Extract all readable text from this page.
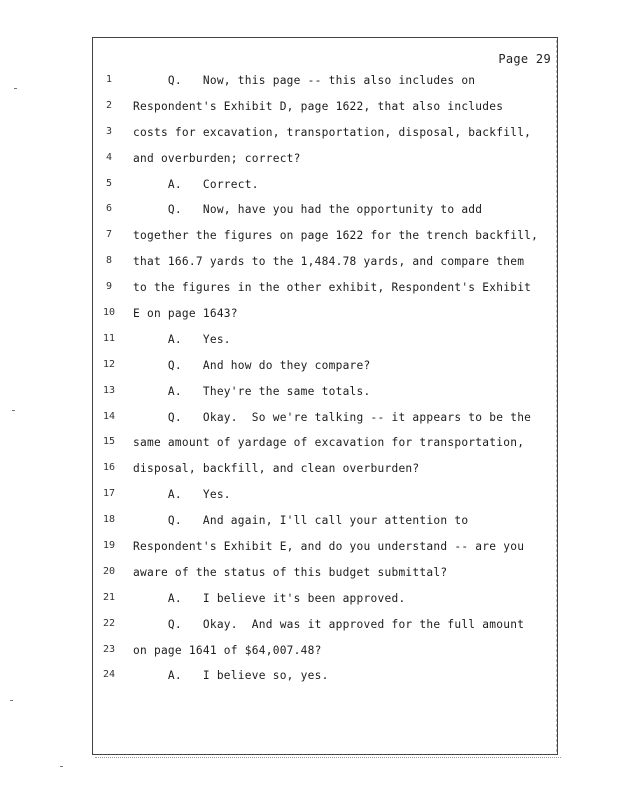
Page 29

1

	Q.   Now, this page -- this also includes on

2

	Respondent's Exhibit D, page 1622, that also includes

3

	costs for excavation, transportation, disposal, backfill,

4

	and overburden; correct?

5

	A.   Correct.

6

	Q.   Now, have you had the opportunity to add

7

	together the figures on page 1622 for the trench backfill,

8

	that 166.7 yards to the 1,484.78 yards, and compare them

9

	to the figures in the other exhibit, Respondent's Exhibit

10

E on page 1643?

11

A.   Yes.

12

Q.   And how do they compare?

13

A.   They're the same totals.

14

Q.   Okay.  So we're talking -- it appears to be the

15

same amount of yardage of excavation for transportation,

16

disposal, backfill, and clean overburden?

17

A.   Yes.

18

Q.   And again, I'll call your attention to

19

Respondent's Exhibit E, and do you understand -- are you

20

aware of the status of this budget submittal?

21

A.   I believe it's been approved.

22

Q.   Okay.  And was it approved for the full amount

23

on page 1641 of $64,007.48?

24

A.   I believe so, yes.
